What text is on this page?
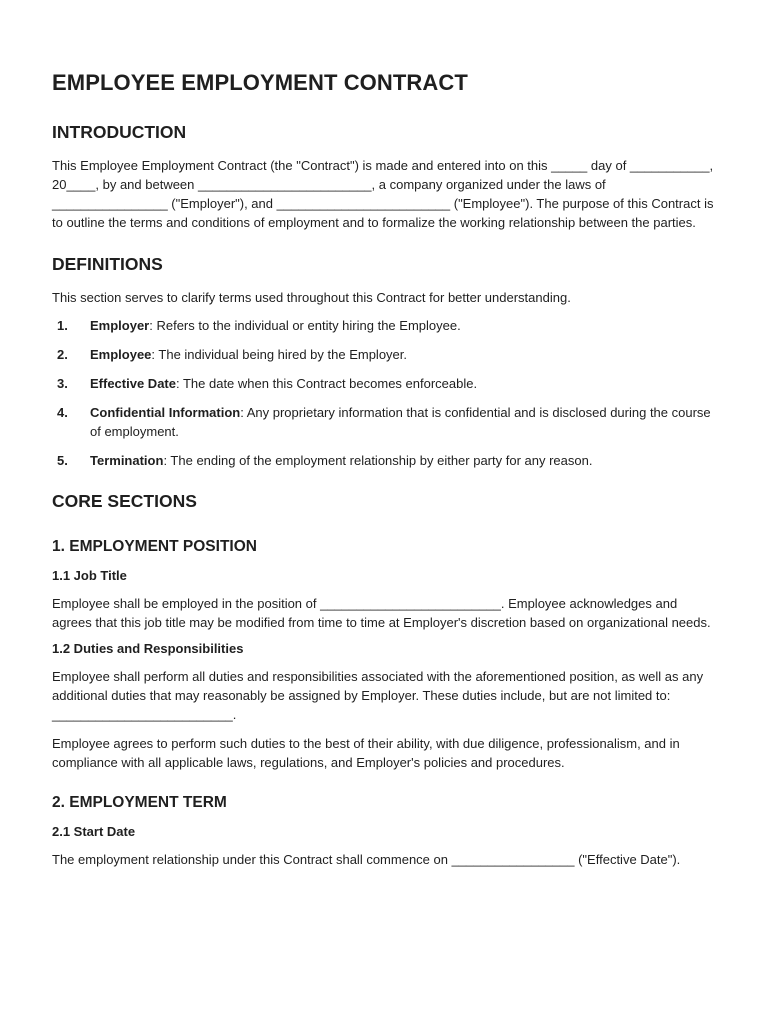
EMPLOYEE EMPLOYMENT CONTRACT
INTRODUCTION

This Employee Employment Contract (the "Contract") is made and entered into on this _____ day of ___________, 20____, by and between ________________________, a company organized under the laws of ________________ ("Employer"), and ________________________ ("Employee"). The purpose of this Contract is to outline the terms and conditions of employment and to formalize the working relationship between the parties.

DEFINITIONS

This section serves to clarify terms used throughout this Contract for better understanding.

1.	Employer: Refers to the individual or entity hiring the Employee.
2.	Employee: The individual being hired by the Employer.
3.	Effective Date: The date when this Contract becomes enforceable.
4.	Confidential Information: Any proprietary information that is confidential and is disclosed during the course of employment.
5.	Termination: The ending of the employment relationship by either party for any reason.
CORE SECTIONS
1. EMPLOYMENT POSITION
1.1 Job Title

Employee shall be employed in the position of _________________________. Employee acknowledges and agrees that this job title may be modified from time to time at Employer's discretion based on organizational needs.

1.2 Duties and Responsibilities

Employee shall perform all duties and responsibilities associated with the aforementioned position, as well as any additional duties that may reasonably be assigned by Employer. These duties include, but are not limited to: _________________________.

Employee agrees to perform such duties to the best of their ability, with due diligence, professionalism, and in compliance with all applicable laws, regulations, and Employer's policies and procedures.

2. EMPLOYMENT TERM
2.1 Start Date

The employment relationship under this Contract shall commence on _________________ ("Effective Date").
